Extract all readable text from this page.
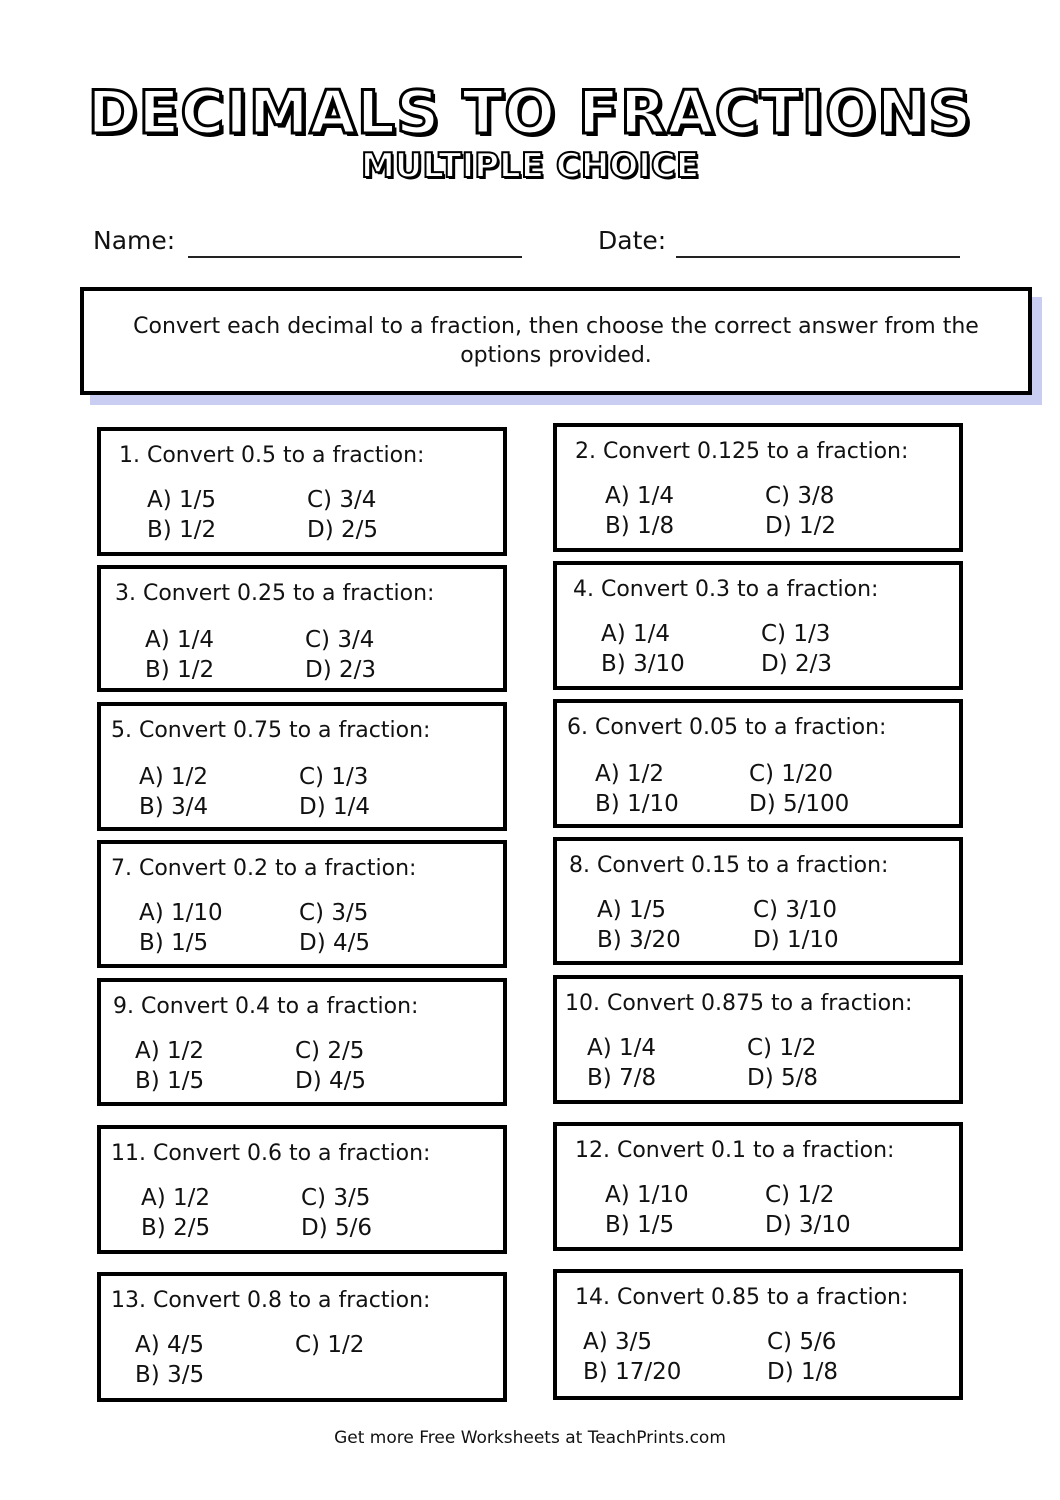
DECIMALS TO FRACTIONS
MULTIPLE CHOICE
Name:	Date:
Convert each decimal to a fraction, then choose the correct answer from the options provided.
1. Convert 0.5 to a fraction:
A) 1/5	C) 3/4
B) 1/2	D) 2/5
3. Convert 0.25 to a fraction:
A) 1/4	C) 3/4
B) 1/2	D) 2/3
5. Convert 0.75 to a fraction:
A) 1/2	C) 1/3
B) 3/4	D) 1/4
7. Convert 0.2 to a fraction:
A) 1/10	C) 3/5
B) 1/5	D) 4/5
9. Convert 0.4 to a fraction:
A) 1/2	C) 2/5
B) 1/5	D) 4/5
11. Convert 0.6 to a fraction:
A) 1/2	C) 3/5
B) 2/5	D) 5/6
13. Convert 0.8 to a fraction:
A) 4/5	C) 1/2
B) 3/5
2. Convert 0.125 to a fraction:
A) 1/4	C) 3/8
B) 1/8	D) 1/2
4. Convert 0.3 to a fraction:
A) 1/4	C) 1/3
B) 3/10	D) 2/3
6. Convert 0.05 to a fraction:
A) 1/2	C) 1/20
B) 1/10	D) 5/100
8. Convert 0.15 to a fraction:
A) 1/5	C) 3/10
B) 3/20	D) 1/10
10. Convert 0.875 to a fraction:
A) 1/4	C) 1/2
B) 7/8	D) 5/8
12. Convert 0.1 to a fraction:
A) 1/10	C) 1/2
B) 1/5	D) 3/10
14. Convert 0.85 to a fraction:
A) 3/5	C) 5/6
B) 17/20	D) 1/8
Get more Free Worksheets at TeachPrints.com
